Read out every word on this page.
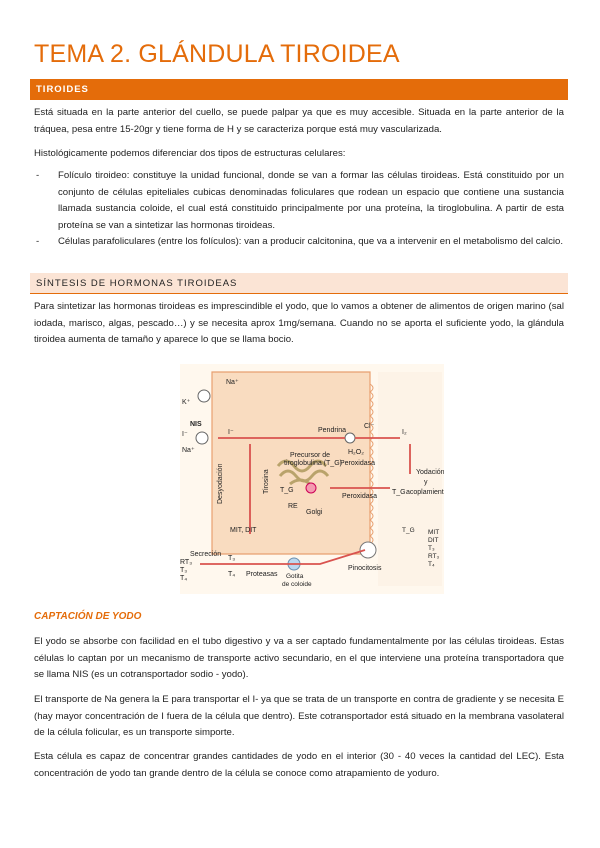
TEMA 2. GLÁNDULA TIROIDEA
TIROIDES
Está situada en la parte anterior del cuello, se puede palpar ya que es muy accesible. Situada en la parte anterior de la tráquea, pesa entre 15-20gr y tiene forma de H y se caracteriza porque está muy vascularizada.
Histológicamente podemos diferenciar dos tipos de estructuras celulares:
- Folículo tiroideo: constituye la unidad funcional, donde se van a formar las células tiroideas. Está constituido por un conjunto de células epiteliales cubicas denominadas foliculares que rodean un espacio que contiene una sustancia llamada sustancia coloide, el cual está constituido principalmente por una proteína, la tiroglobulina. A partir de esta proteína se van a sintetizar las hormonas tiroideas.
- Células parafoliculares (entre los folículos): van a producir calcitonina, que va a intervenir en el metabolismo del calcio.
SÍNTESIS DE HORMONAS TIROIDEAS
Para sintetizar las hormonas tiroideas es imprescindible el yodo, que lo vamos a obtener de alimentos de origen marino (sal iodada, marisco, algas, pescado…) y se necesita aprox 1mg/semana. Cuando no se aporta el suficiente yodo, la glándula tiroidea aumenta de tamaño y aparece lo que se llama bocio.
Na⁺
K⁺
NIS
I⁻
Na⁺
I⁻	Pendrina
Cl⁻
I₂
H₂O₂
Peroxidasa
Precursor de
tiroglobulina (T_G)
Peroxidasa
T_G
Yodación
y
acoplamiento
RE
Golgi
MIT, DIT	MIT
DIT
T₃
RT₃
T₄
Secreción
RT₃
T₃
T₄
T₃
T₄ Proteasas Gotita
de coloide
Pinocitosis
T_G
T_G
Desyodación	Tirosina
CAPTACIÓN DE YODO
El yodo se absorbe con facilidad en el tubo digestivo y va a ser captado fundamentalmente por las células tiroideas. Estas células lo captan por un mecanismo de transporte activo secundario, en el que interviene una proteína transportadora que se llama NIS (es un cotransportador sodio - yodo).
El transporte de Na genera la E para transportar el I- ya que se trata de un transporte en contra de gradiente y se necesita E (hay mayor concentración de I fuera de la célula que dentro). Este cotransportador está situado en la membrana vasolateral de la célula folicular, es un transporte simporte.
Esta célula es capaz de concentrar grandes cantidades de yodo en el interior (30 - 40 veces la cantidad del LEC). Esta concentración de yodo tan grande dentro de la célula se conoce como atrapamiento de yoduro.
